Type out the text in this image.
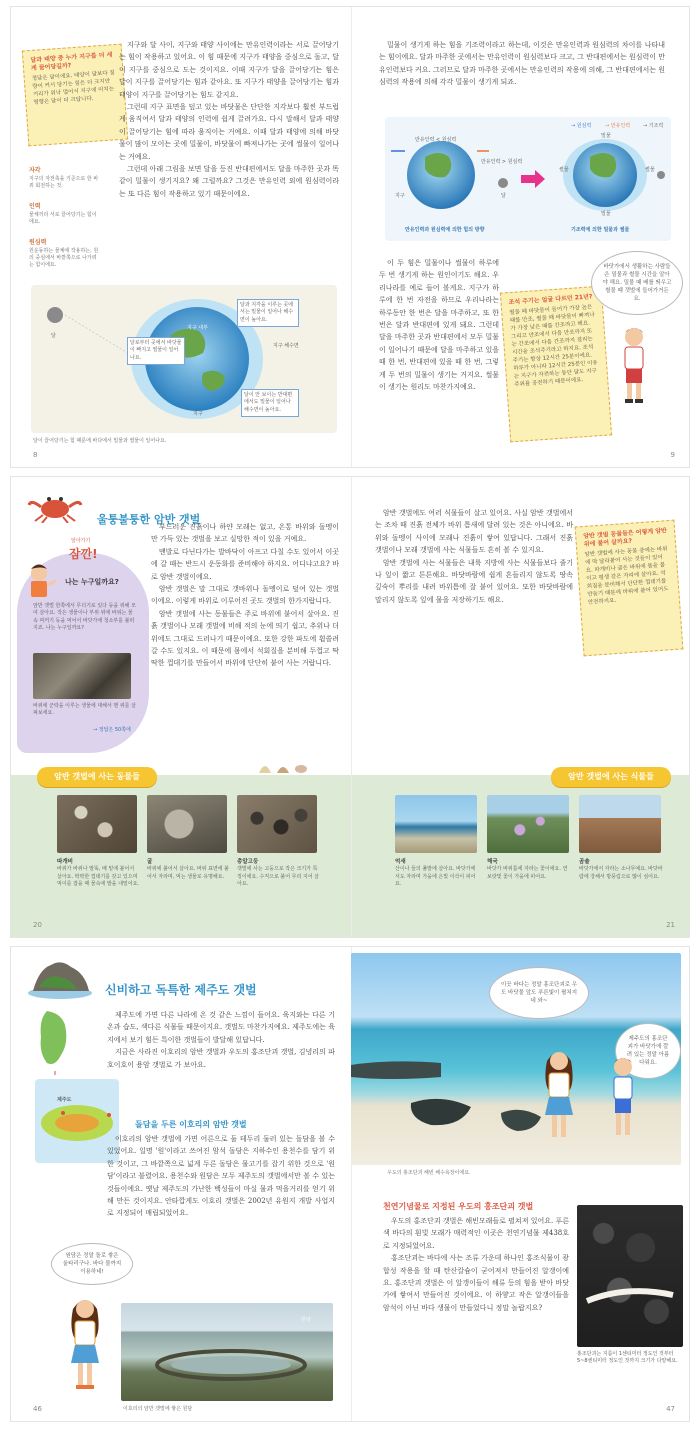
달과 태양 중 누가 지구를 더 세게 끌어당길까?
정답은 달이에요. 태양이 달보다 질량이 커서 당기는 힘은 더 크지만 거리가 워낙 멀어서 지구에 미치는 영향은 달이 더 크답니다.
자각
지구의 자전축을 기준으로 한 바퀴 회전하는 것.
인력
물체끼리 서로 끌어당기는 힘이에요.
원심력
원운동하는 물체에 작용하는, 원의 중심에서 바깥쪽으로 나가려는 힘이에요.

지구와 달 사이, 지구와 태양 사이에는 만유인력이라는 서로 끌어당기는 힘이 작용하고 있어요. 이 힘 때문에 지구가 태양을 중심으로 돌고, 달이 지구를 중심으로 도는 것이지요. 이때 지구가 달을 끌어당기는 힘은 달이 지구를 끌어당기는 힘과 같아요. 또 지구가 태양을 끌어당기는 힘과 태양이 지구를 끌어당기는 힘도 같지요.

그런데 지구 표면을 덮고 있는 바닷물은 단단한 지각보다 훨씬 부드럽게 움직여서 달과 태양의 인력에 쉽게 끌려가요. 다시 말해서 달과 태양이 끌어당기는 힘에 따라 움직이는 거예요. 이때 달과 태양에 의해 바닷물이 많이 모이는 곳에 밀물이, 바닷물이 빠져나가는 곳에 썰물이 일어나는 거예요.

그런데 아래 그림을 보면 달을 등진 반대편에서도 달을 마주한 곳과 똑같이 밀물이 생기지요? 왜 그럴까요? 그것은 만유인력 외에 원심력이라는 또 다른 힘이 작용하고 있기 때문이에요.

달
달과 지각을 이루는 곳에서는 밀물이 일어나 해수면이 높아요.
달로부터 곳에서 바닷물이 빠지고 썰물이 일어나요.
달이 안 보이는 반대편에서도 밀물이 일어나 해수면이 높아요.
지구 내부
지구 해수면
지구
달이 끌어당기는 힘 때문에 바다에서 밀물과 썰물이 일어나요.
8

밀물이 생기게 하는 힘을 기조력이라고 하는데, 이것은 만유인력과 원심력의 차이를 나타내는 힘이에요. 달과 마주한 곳에서는 만유인력이 원심력보다 크고, 그 반대편에서는 원심력이 만유인력보다 커요. 그러므로 달과 마주한 곳에서는 만유인력의 작용에 의해, 그 반대편에서는 원심력의 작용에 의해 각각 밀물이 생기게 되죠.

→ 원심력	→ 만유인력	→ 기조력
만유인력 < 원심력
만유인력 > 원심력
지구	달
밀물
썰물
밀물
썰물
만유인력과 원심력에 의한 힘의 방향	기조력에 의한 밀물과 썰물

이 두 힘은 밀물이나 썰물이 하루에 두 번 생기게 하는 원인이기도 해요. 우리나라를 예로 들어 볼게요. 지구가 하루에 한 번 자전을 하므로 우리나라는 하루동안 한 번은 달을 마주하고, 또 한 번은 달과 반대편에 있게 돼요. 그런데 달을 마주한 곳과 반대편에서 모두 밀물이 일어나기 때문에 달을 마주하고 있을 때 한 번, 반대편에 있을 때 한 번, 그렇게 두 번의 밀물이 생기는 거지요. 썰물이 생기는 원리도 마찬가지예요.

조석 주기는 얼굴 다르던 21년?
썰물 때 바닷물이 들어가 가장 높은 때를 만조, 썰물 때 바닷물이 빠져나가 가장 낮은 때를 간조라고 해요. 그리고 만조에서 다음 만조까지 또는 간조에서 다음 간조까지 걸리는 시간을 조석주기라고 하지요. 조석 주기는 항상 12시간 25분이에요. 하루가 아니라 12시간 25분인 이유는 지구가 자전하는 동안 달도 지구 주위를 공전하기 때문이에요.
바닷가에서 생활하는 사람들은 밀물과 썰물 시간을 알아야 해요. 밀물 때 배를 띄우고 썰물 때 갯벌에 들어가거든요.
9
울퉁불퉁한 암반 갯벌
알아가기
잠깐!
나는 누구일까요?
암반 갯벌 한쪽에서 무더기로 있다 등을 위해 모여 살아요. 작은 생물이나 부위 위에 바위는 물속 찌꺼기 등을 먹어서 바닷가에 청소부를 불러지죠. 나는 누구일까요?
바위에 군락을 이루는 생물에 대해서 맨 위를 살펴보세요.
→ 정답은 50쪽에

부드러운 진흙이나 하얀 모래는 없고, 온통 바위와 돌멩이만 가득 있는 갯벌을 보고 실망한 적이 있을 거예요.

맨발로 다닌다가는 발바닥이 아프고 다칠 수도 있어서 이곳에 갈 때는 반드시 운동화를 준비해야 하지요. 어디냐고요? 바로 암반 갯벌이에요.

암반 갯벌은 말 그대로 갯바위나 돌멩이로 덮여 있는 갯벌이에요. 이렇게 바위로 이루어진 곳도 갯벌의 한가지랍니다.

암반 갯벌에 사는 동물들은 주로 바위에 붙어서 살아요. 진흙 갯벌이나 모래 갯벌에 비해 적의 눈에 띄기 쉽고, 추위나 더위에도 그대로 드러나기 때문이에요. 또한 강한 파도에 휩쓸려 갈 수도 있지요. 이 때문에 몸에서 석회질을 분비해 두껍고 딱딱한 껍데기를 만들어서 바위에 단단히 붙어 사는 거랍니다.

암반 갯벌에 사는 동물들
따개비
바위가 바위나 말뚝, 배 밑에 붙어서 살아요. 딱딱한 껍데기를 갖고 있으며 먹이를 잡을 때 물속에 발을 내밀어요.
굴
바위에 붙어서 살아요. 바위 표면에 붙어서 자라며, 먹는 생물로 유명해요.
총알고둥
갯벌에 사는 고둥으로 작은 크기가 특징이에요. 수직으로 붙어 무리 지어 살아요.
20

암반 갯벌에도 여러 식물들이 살고 있어요. 사실 암반 갯벌에서는 조차 때 진흙 전체가 바위 틈새에 달려 있는 것은 아니에요. 바위와 돌멩이 사이에 모래나 진흙이 쌓여 있답니다. 그래서 진흙 갯벌이나 모래 갯벌에 사는 식물들도 흔히 볼 수 있지요.

암반 갯벌에 사는 식물들은 내륙 지방에 사는 식물들보다 줄기나 잎이 짧고 튼튼해요. 바닷바람에 쉽게 흔들리지 않도록 땅속 깊숙이 뿌리를 내려 바위틈에 잘 붙어 있어요. 또한 바닷바람에 말리지 않도록 잎에 물을 저장하기도 해요.

암반 갯벌 동물들은 어떻게 암반 위에 붙어 살까요?
암반 갯벌에 사는 동물 중에는 바위에 딱 달라붙어 사는 것들이 있어요. 따개비나 굴은 바위에 몸을 붙이고 평생 같은 자리에 살아요. 석회질을 분비해서 단단한 껍데기를 만들기 때문에 바위에 붙어 있어도 안전하지요.
암반 갯벌에 사는 식물들
억새
산이나 들의 풀밭에 살아요. 바닷가에서도 자라며 가을에 은빛 이삭이 피어요.
해국
바닷가 바위틈에 자라는 꽃이에요. 연보랏빛 꽃이 가을에 피어요.
곰솔
바닷가에서 자라는 소나무예요. 바닷바람에 강해서 방풍림으로 많이 심어요.
21
신비하고 독특한 제주도 갯벌

제주도에 가면 다른 나라에 온 것 같은 느낌이 들어요. 육지와는 다른 기온과 습도, 색다른 식물들 때문이지요. 갯벌도 마찬가지예요. 제주도에는 육지에서 보기 힘든 특이한 갯벌들이 발달해 있답니다.

지금은 사라진 이호리의 암반 갯벌과 우도의 홍조단괴 갯벌, 김녕리의 파호이호이 용암 갯벌로 가 보아요.

제주도
돌담을 두른 이호리의 암반 갯벌

이호리의 암반 갯벌에 가면 어른으로 둘 테두리 둘러 있는 돌담을 볼 수 있었어요. 일명 '원'이라고 쓰여진 암석 돌담은 지하수인 용천수를 담기 위한 것이고, 그 바깥쪽으로 넓게 두른 돌담은 물고기를 잡기 위한 것으로 '원담'이라고 불렸어요. 용천수와 원담은 모두 제주도의 갯벌에서만 볼 수 있는 것들이에요. 옛날 제주도의 가난한 백성들이 마실 물과 먹을거리를 얻기 위해 만든 것이지요. 안타깝게도 이호리 갯벌은 2002년 유원지 개발 사업지로 지정되어 매립되었어요.

원담은 정말 돌로 쌓은 울타리구나. 바다 물까지 이용하네!
원담
이호리의 암반 갯벌에 쌓은 원담
46
이곳 바다는 정말 홍조단괴로 우도 바닷물 앞도 푸른빛이 펼쳐지네 와~
제주도의 홍조단괴가 바닷가에 깔려 있는 정말 아름다워요.
우도의 홍조단괴 해빈 해수욕장이에요.
천연기념물로 지정된 우도의 홍조단괴 갯벌

우도의 홍조단괴 갯벌은 해빈모래들로 펼쳐져 있어요. 푸른 색 바다의 흰빛 모래가 매력적인 이곳은 천연기념물 제438호로 지정되었어요.

홍조단괴는 바다에 사는 조류 가운데 하나인 홍조식물이 광합성 작용을 할 때 탄산칼슘이 굳어져서 만들어진 알갱이예요. 홍조단괴 갯벌은 이 알갱이들이 해류 등의 힘을 받아 바닷가에 쌓여서 만들어진 것이에요. 이 하얗고 작은 알갱이들을 암석이 아닌 바다 생물이 만들었다니 정말 놀랍지요?

홍조단괴는 지름이 1센티미터 정도인 것부터 5~8센티미터 정도인 것까지 크기가 다양해요.
47
